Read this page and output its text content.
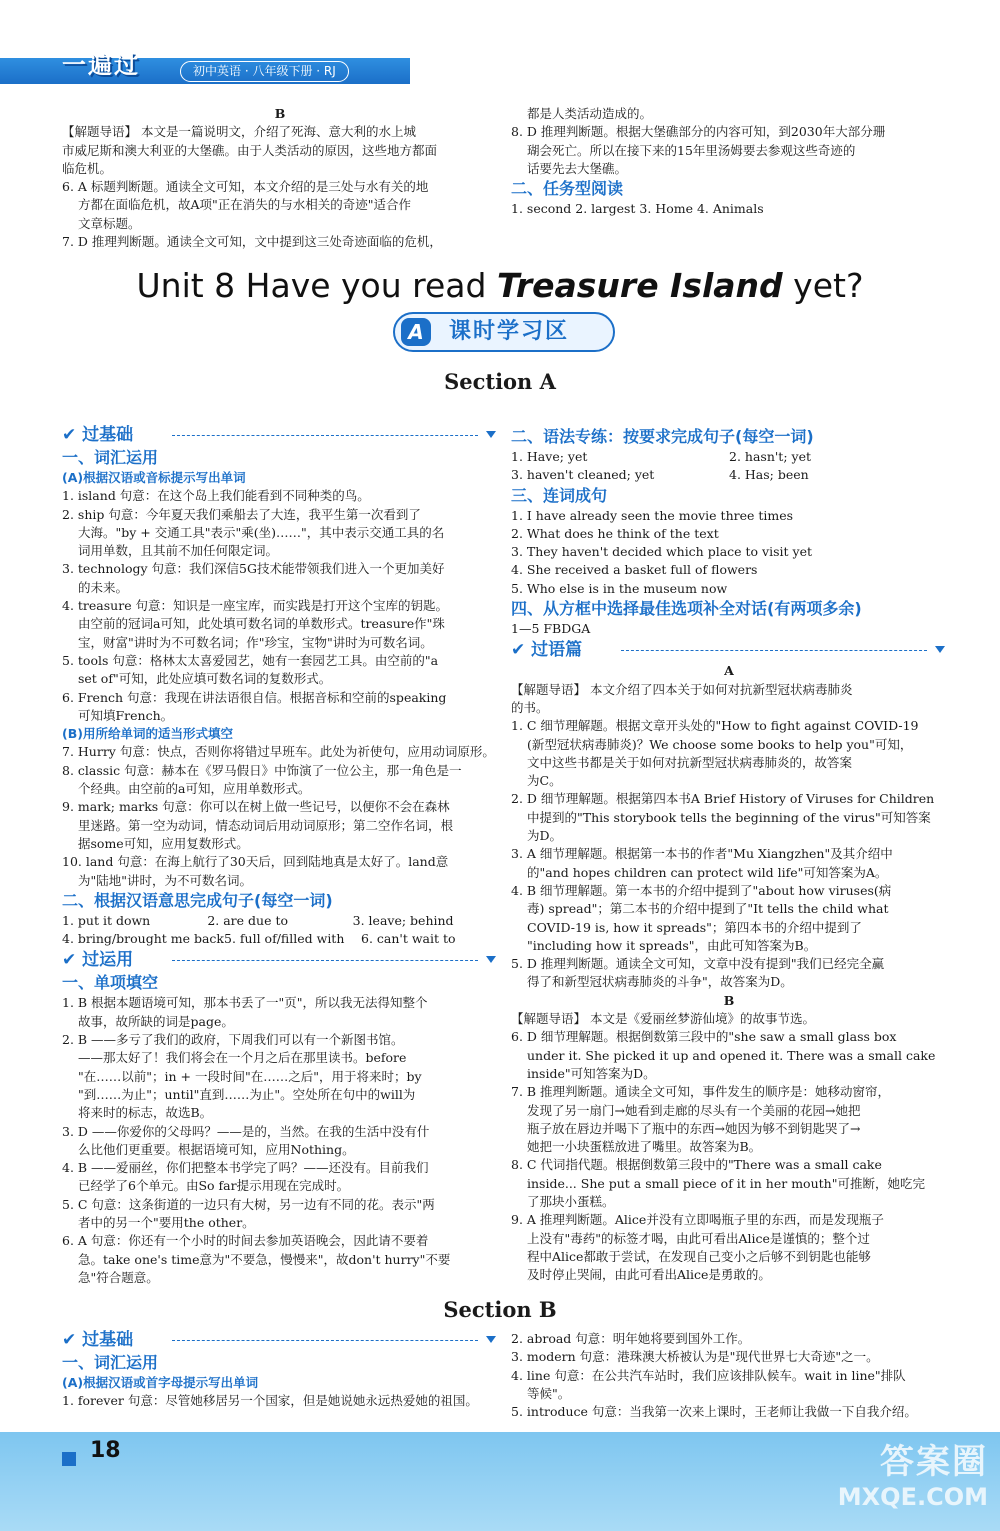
一遍过	初中英语 · 八年级下册 · RJ
B
【解题导语】 本文是一篇说明文，介绍了死海、意大利的水上城
市威尼斯和澳大利亚的大堡礁。由于人类活动的原因，这些地方都面
临危机。
6. A 标题判断题。通读全文可知，本文介绍的是三处与水有关的地
方都在面临危机，故A项"正在消失的与水相关的奇迹"适合作
文章标题。
7. D 推理判断题。通读全文可知，文中提到这三处奇迹面临的危机，
都是人类活动造成的。
8. D 推理判断题。根据大堡礁部分的内容可知，到2030年大部分珊
瑚会死亡。所以在接下来的15年里汤姆要去参观这些奇迹的
话要先去大堡礁。
二、任务型阅读
1. second 2. largest 3. Home 4. Animals
Unit 8 Have you read Treasure Island yet?
A	课时学习区
Section A
✔ 过基础
一、词汇运用
(A)根据汉语或音标提示写出单词
1. island 句意：在这个岛上我们能看到不同种类的鸟。
2. ship 句意：今年夏天我们乘船去了大连，我平生第一次看到了
大海。"by + 交通工具"表示"乘(坐)……"，其中表示交通工具的名
词用单数，且其前不加任何限定词。
3. technology 句意：我们深信5G技术能带领我们进入一个更加美好
的未来。
4. treasure 句意：知识是一座宝库，而实践是打开这个宝库的钥匙。
由空前的冠词a可知，此处填可数名词的单数形式。treasure作"珠
宝，财富"讲时为不可数名词；作"珍宝，宝物"讲时为可数名词。
5. tools 句意：格林太太喜爱园艺，她有一套园艺工具。由空前的"a
set of"可知，此处应填可数名词的复数形式。
6. French 句意：我现在讲法语很自信。根据音标和空前的speaking
可知填French。
(B)用所给单词的适当形式填空
7. Hurry 句意：快点，否则你将错过早班车。此处为祈使句，应用动词原形。
8. classic 句意：赫本在《罗马假日》中饰演了一位公主，那一角色是一
个经典。由空前的a可知，应用单数形式。
9. mark; marks 句意：你可以在树上做一些记号，以便你不会在森林
里迷路。第一空为动词，情态动词后用动词原形；第二空作名词，根
据some可知，应用复数形式。
10. land 句意：在海上航行了30天后，回到陆地真是太好了。land意
为"陆地"讲时，为不可数名词。
二、根据汉语意思完成句子(每空一词)
1. put it down	2. are due to	3. leave; behind
4. bring/brought me back 5. full of/filled with	6. can't wait to
✔ 过运用
一、单项填空
1. B 根据本题语境可知，那本书丢了一"页"，所以我无法得知整个
故事，故所缺的词是page。
2. B ——多亏了我们的政府，下周我们可以有一个新图书馆。
——那太好了！我们将会在一个月之后在那里读书。before
"在……以前"；in + 一段时间"在……之后"，用于将来时；by
"到……为止"；until"直到……为止"。空处所在句中的will为
将来时的标志，故选B。
3. D ——你爱你的父母吗？——是的，当然。在我的生活中没有什
么比他们更重要。根据语境可知，应用Nothing。
4. B ——爱丽丝，你们把整本书学完了吗？——还没有。目前我们
已经学了6个单元。由So far提示用现在完成时。
5. C 句意：这条街道的一边只有大树，另一边有不同的花。表示"两
者中的另一个"要用the other。
6. A 句意：你还有一个小时的时间去参加英语晚会，因此请不要着
急。take one's time意为"不要急，慢慢来"，故don't hurry"不要
急"符合题意。
二、语法专练：按要求完成句子(每空一词)
1. Have; yet	2. hasn't; yet
3. haven't cleaned; yet	4. Has; been
三、连词成句
1. I have already seen the movie three times
2. What does he think of the text
3. They haven't decided which place to visit yet
4. She received a basket full of flowers
5. Who else is in the museum now
四、从方框中选择最佳选项补全对话(有两项多余)
1—5 FBDGA
✔ 过语篇
A
【解题导语】 本文介绍了四本关于如何对抗新型冠状病毒肺炎
的书。
1. C 细节理解题。根据文章开头处的"How to fight against COVID-19
(新型冠状病毒肺炎)？We choose some books to help you"可知，
文中这些书都是关于如何对抗新型冠状病毒肺炎的，故答案
为C。
2. D 细节理解题。根据第四本书A Brief History of Viruses for Children
中提到的"This storybook tells the beginning of the virus"可知答案
为D。
3. A 细节理解题。根据第一本书的作者"Mu Xiangzhen"及其介绍中
的"and hopes children can protect wild life"可知答案为A。
4. B 细节理解题。第一本书的介绍中提到了"about how viruses(病
毒) spread"；第二本书的介绍中提到了"It tells the child what
COVID-19 is, how it spreads"；第四本书的介绍中提到了
"including how it spreads"，由此可知答案为B。
5. D 推理判断题。通读全文可知，文章中没有提到"我们已经完全赢
得了和新型冠状病毒肺炎的斗争"，故答案为D。
B
【解题导语】 本文是《爱丽丝梦游仙境》的故事节选。
6. D 细节理解题。根据倒数第三段中的"she saw a small glass box
under it. She picked it up and opened it. There was a small cake
inside"可知答案为D。
7. B 推理判断题。通读全文可知，事件发生的顺序是：她移动窗帘，
发现了另一扇门→她看到走廊的尽头有一个美丽的花园→她把
瓶子放在唇边并喝下了瓶中的东西→她因为够不到钥匙哭了→
她把一小块蛋糕放进了嘴里。故答案为B。
8. C 代词指代题。根据倒数第三段中的"There was a small cake
inside... She put a small piece of it in her mouth"可推断，她吃完
了那块小蛋糕。
9. A 推理判断题。Alice并没有立即喝瓶子里的东西，而是发现瓶子
上没有"毒药"的标签才喝，由此可看出Alice是谨慎的；整个过
程中Alice都敢于尝试，在发现自己变小之后够不到钥匙也能够
及时停止哭闹，由此可看出Alice是勇敢的。
Section B
✔ 过基础
一、词汇运用
(A)根据汉语或首字母提示写出单词
1. forever 句意：尽管她移居另一个国家，但是她说她永远热爱她的祖国。
2. abroad 句意：明年她将要到国外工作。
3. modern 句意：港珠澳大桥被认为是"现代世界七大奇迹"之一。
4. line 句意：在公共汽车站时，我们应该排队候车。wait in line"排队
等候"。
5. introduce 句意：当我第一次来上课时，王老师让我做一下自我介绍。
18	答案圈
MXQE.COM
